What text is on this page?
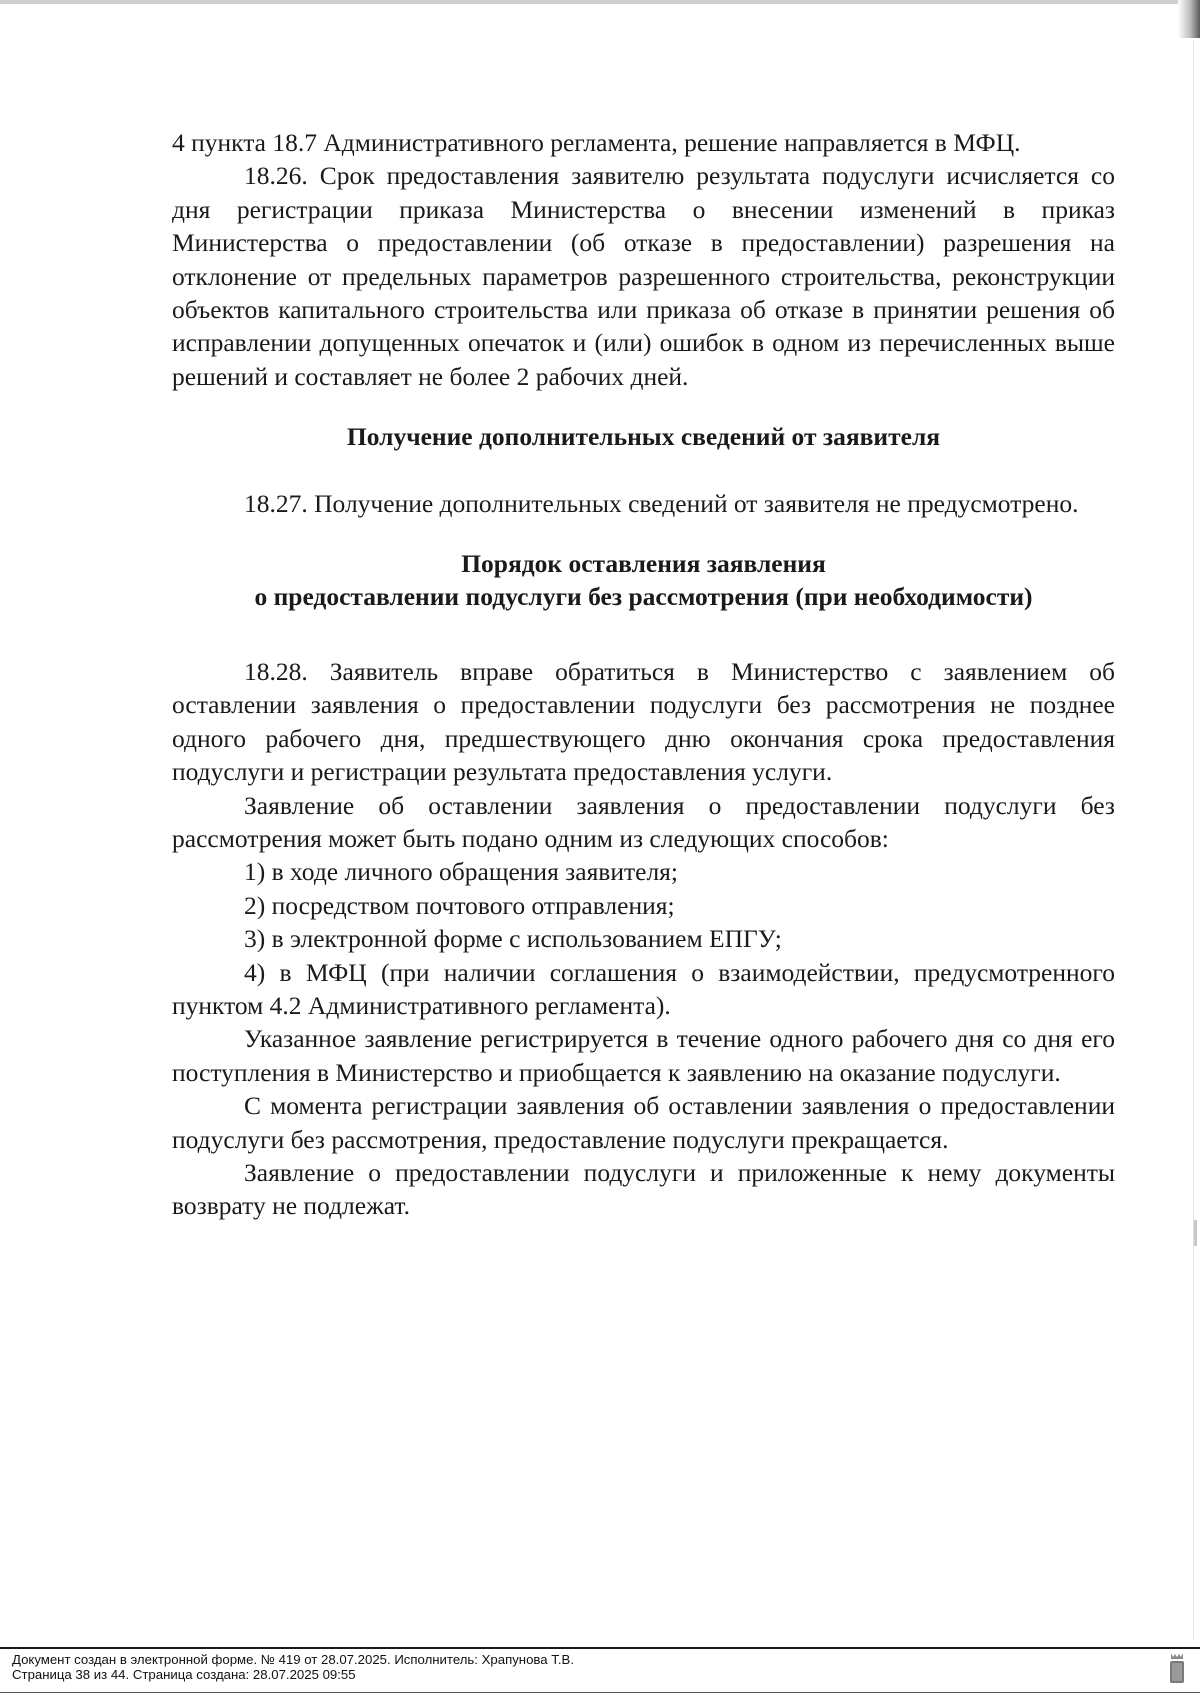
4 пункта 18.7 Административного регламента, решение направляется в МФЦ.

18.26. Срок предоставления заявителю результата подуслуги исчисляется со дня регистрации приказа Министерства о внесении изменений в приказ Министерства о предоставлении (об отказе в предоставлении) разрешения на отклонение от предельных параметров разрешенного строительства, реконструкции объектов капитального строительства или приказа об отказе в принятии решения об исправлении допущенных опечаток и (или) ошибок в одном из перечисленных выше решений и составляет не более 2 рабочих дней.

Получение дополнительных сведений от заявителя

18.27. Получение дополнительных сведений от заявителя не предусмотрено.

Порядок оставления заявления

о предоставлении подуслуги без рассмотрения (при необходимости)

18.28. Заявитель вправе обратиться в Министерство с заявлением об оставлении заявления о предоставлении подуслуги без рассмотрения не позднее одного рабочего дня, предшествующего дню окончания срока предоставления подуслуги и регистрации результата предоставления услуги.

Заявление об оставлении заявления о предоставлении подуслуги без рассмотрения может быть подано одним из следующих способов:

1) в ходе личного обращения заявителя;

2) посредством почтового отправления;

3) в электронной форме с использованием ЕПГУ;

4) в МФЦ (при наличии соглашения о взаимодействии, предусмотренного пунктом 4.2 Административного регламента).

Указанное заявление регистрируется в течение одного рабочего дня со дня его поступления в Министерство и приобщается к заявлению на оказание подуслуги.

С момента регистрации заявления об оставлении заявления о предоставлении подуслуги без рассмотрения, предоставление подуслуги прекращается.

Заявление о предоставлении подуслуги и приложенные к нему документы возврату не подлежат.

Документ создан в электронной форме. № 419 от 28.07.2025. Исполнитель: Храпунова Т.В.
Страница 38 из 44. Страница создана: 28.07.2025 09:55
